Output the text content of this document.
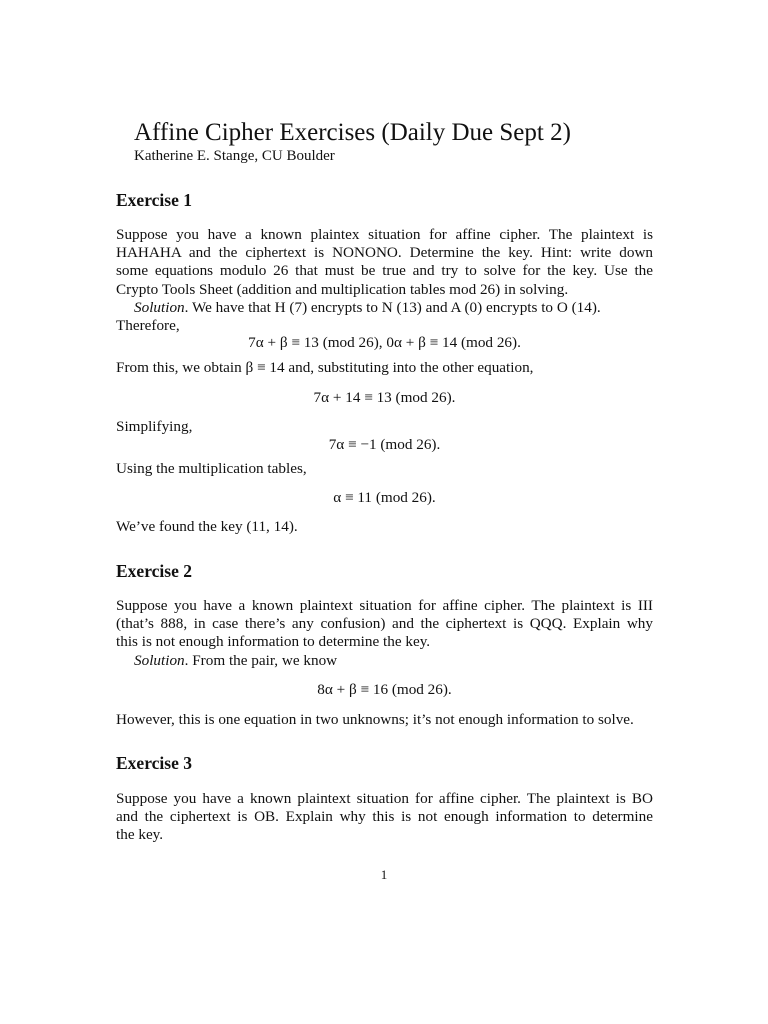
Affine Cipher Exercises (Daily Due Sept 2)
Katherine E. Stange, CU Boulder
Exercise 1
Suppose you have a known plaintex situation for affine cipher. The plaintext is
HAHAHA and the ciphertext is NONONO. Determine the key. Hint: write down
some equations modulo 26 that must be true and try to solve for the key. Use the
Crypto Tools Sheet (addition and multiplication tables mod 26) in solving.
Solution. We have that H (7) encrypts to N (13) and A (0) encrypts to O (14).
Therefore,
7α + β ≡ 13 (mod 26), 0α + β ≡ 14 (mod 26).
From this, we obtain β ≡ 14 and, substituting into the other equation,
7α + 14 ≡ 13 (mod 26).
Simplifying,
7α ≡ −1 (mod 26).
Using the multiplication tables,
α ≡ 11 (mod 26).
We’ve found the key (11, 14).
Exercise 2
Suppose you have a known plaintext situation for affine cipher. The plaintext is III
(that’s 888, in case there’s any confusion) and the ciphertext is QQQ. Explain why
this is not enough information to determine the key.
Solution. From the pair, we know
8α + β ≡ 16 (mod 26).
However, this is one equation in two unknowns; it’s not enough information to solve.
Exercise 3
Suppose you have a known plaintext situation for affine cipher. The plaintext is BO
and the ciphertext is OB. Explain why this is not enough information to determine
the key.
1
